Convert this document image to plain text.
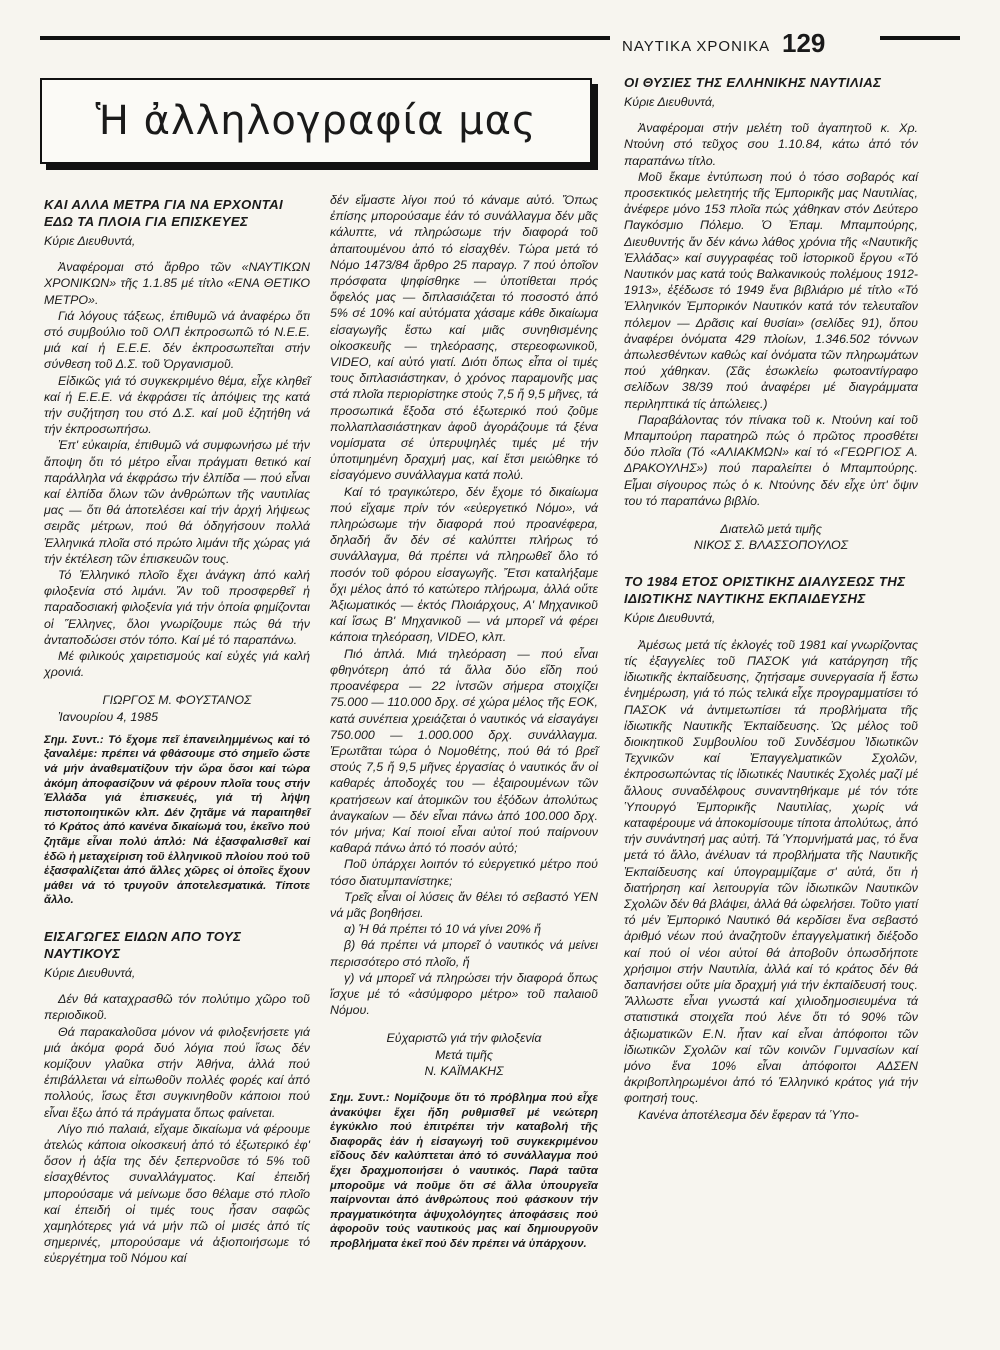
ΝΑΥΤΙΚΑ ΧΡΟΝΙΚΑ 129
Ἡ ἀλληλογραφία μας
ΚΑΙ ΑΛΛΑ ΜΕΤΡΑ ΓΙΑ ΝΑ ΕΡΧΟΝΤΑΙ ΕΔΩ ΤΑ ΠΛΟΙΑ ΓΙΑ ΕΠΙΣΚΕΥΕΣ
Κύριε Διευθυντά,

Ἀναφέρομαι στό ἄρθρο τῶν «ΝΑΥΤΙΚΩΝ ΧΡΟΝΙΚΩΝ» τῆς 1.1.85 μέ τίτλο «ΕΝΑ ΘΕΤΙΚΟ ΜΕΤΡΟ».

Γιά λόγους τάξεως, ἐπιθυμῶ νά ἀναφέρω ὅτι στό συμβούλιο τοῦ ΟΛΠ ἐκπροσωπῶ τό Ν.Ε.Ε. μιά καί ἡ Ε.Ε.Ε. δέν ἐκπροσωπεῖται στήν σύνθεση τοῦ Δ.Σ. τοῦ Ὀργανισμοῦ.

Εἰδικῶς γιά τό συγκεκριμένο θέμα, εἶχε κληθεῖ καί ἡ Ε.Ε.Ε. νά ἐκφράσει τίς ἀπόψεις της κατά τήν συζήτηση του στό Δ.Σ. καί μοῦ ἐζητήθη νά τήν ἐκπροσωπήσω.

Ἐπ' εὐκαιρία, ἐπιθυμῶ νά συμφωνήσω μέ τήν ἄποψη ὅτι τό μέτρο εἶναι πράγματι θετικό καί παράλληλα νά ἐκφράσω τήν ἐλπίδα — πού εἶναι καί ἐλπίδα ὅλων τῶν ἀνθρώπων τῆς ναυτιλίας μας — ὅτι θά ἀποτελέσει καί τήν ἀρχή λήψεως σειρᾶς μέτρων, πού θά ὁδηγήσουν πολλά Ἑλληνικά πλοῖα στό πρώτο λιμάνι τῆς χώρας γιά τήν ἐκτέλεση τῶν ἐπισκευῶν τους.

Τό Ἑλληνικό πλοῖο ἔχει ἀνάγκη ἀπό καλή φιλοξενία στό λιμάνι. Ἄν τοῦ προσφερθεῖ ἡ παραδοσιακή φιλοξενία γιά τήν ὁποία φημίζονται οἱ Ἕλληνες, ὅλοι γνωρίζουμε πώς θά τήν ἀνταποδώσει στόν τόπο. Καί μέ τό παραπάνω.

Μέ φιλικούς χαιρετισμούς καί εὐχές γιά καλή χρονιά.

ΓΙΩΡΓΟΣ Μ. ΦΟΥΣΤΑΝΟΣ

Ἰανουρίου 4, 1985

Σημ. Συντ.: Τό ἔχομε πεῖ ἐπανειλημμένως καί τό ξαναλέμε: πρέπει νά φθάσουμε στό σημεῖο ὥστε νά μήν ἀναθεματίζουν τήν ὥρα ὅσοι καί τώρα ἀκόμη ἀποφασίζουν νά φέρουν πλοῖα τους στήν Ἑλλάδα γιά ἐπισκευές, γιά τή λήψη πιστοποιητικῶν κλπ. Δέν ζητᾶμε νά παραιτηθεῖ τό Κράτος ἀπό κανένα δικαίωμά του, ἐκεῖνο πού ζητᾶμε εἶναι πολύ ἁπλό: Νά ἐξασφαλισθεῖ καί ἐδῶ ἡ μεταχείριση τοῦ ἑλληνικοῦ πλοίου πού τοῦ ἐξασφαλίζεται ἀπό ἄλλες χῶρες οἱ ὁποῖες ἔχουν μάθει νά τό τρυγοῦν ἀποτελεσματικά. Τίποτε ἄλλο.

ΕΙΣΑΓΩΓΕΣ ΕΙΔΩΝ ΑΠΟ ΤΟΥΣ ΝΑΥΤΙΚΟΥΣ
Κύριε Διευθυντά,

Δέν θά καταχρασθῶ τόν πολύτιμο χῶρο τοῦ περιοδικοῦ.

Θά παρακαλοῦσα μόνον νά φιλοξενήσετε γιά μιά ἀκόμα φορά δυό λόγια πού ἴσως δέν κομίζουν γλαῦκα στήν Ἀθήνα, ἀλλά πού ἐπιβάλλεται νά εἰπωθοῦν πολλές φορές καί ἀπό πολλούς, ἴσως ἔτσι συγκινηθοῦν κάποιοι πού εἶναι ἔξω ἀπό τά πράγματα ὅπως φαίνεται.

Λίγο πιό παλαιά, εἴχαμε δικαίωμα νά φέρουμε ἀτελώς κάποια οἰκοσκευή ἀπό τό ἐξωτερικό ἐφ' ὅσον ἡ ἀξία της δέν ξεπερνοῦσε τό 5% τοῦ εἰσαχθέντος συναλλάγματος. Καί ἐπειδή μπορούσαμε νά μείνωμε ὅσο θέλαμε στό πλοῖο καί ἐπειδή οἱ τιμές τους ἦσαν σαφῶς χαμηλότερες γιά νά μήν πῶ οἱ μισές ἀπό τίς σημερινές, μπορούσαμε νά ἀξιοποιήσωμε τό εὐεργέτημα τοῦ Νόμου καί

δέν εἴμαστε λίγοι πού τό κάναμε αὐτό. Ὅπως ἐπίσης μπορούσαμε ἐάν τό συνάλλαγμα δέν μᾶς κάλυπτε, νά πληρώσωμε τήν διαφορά τοῦ ἀπαιτουμένου ἀπό τό εἰσαχθέν. Τώρα μετά τό Νόμο 1473/84 ἄρθρο 25 παραγρ. 7 πού ὁποῖον πρόσφατα ψηφίσθηκε — ὑποτίθεται πρός ὄφελός μας — διπλασιάζεται τό ποσοστό ἀπό 5% σέ 10% καί αὐτόματα χάσαμε κάθε δικαίωμα εἰσαγωγῆς ἔστω καί μιᾶς συνηθισμένης οἰκοσκευῆς — τηλεόρασης, στερεοφωνικοῦ, VIDEO, καί αὐτό γιατί. Διότι ὅπως εἶπα οἱ τιμές τους διπλασιάστηκαν, ὁ χρόνος παραμονῆς μας στά πλοῖα περιορίστηκε στούς 7,5 ἤ 9,5 μῆνες, τά προσωπικά ἔξοδα στό ἐξωτερικό πού ζοῦμε πολλαπλασιάστηκαν ἀφοῦ ἀγοράζουμε τά ξένα νομίσματα σέ ὑπερυψηλές τιμές μέ τήν ὑποτιμημένη δραχμή μας, καί ἔτσι μειώθηκε τό εἰσαγόμενο συνάλλαγμα κατά πολύ.

Καί τό τραγικώτερο, δέν ἔχομε τό δικαίωμα πού εἴχαμε πρίν τόν «εὐεργετικό Νόμο», νά πληρώσωμε τήν διαφορά πού προανέφερα, δηλαδή ἄν δέν σέ καλύπτει πλήρως τό συνάλλαγμα, θά πρέπει νά πληρωθεῖ ὅλο τό ποσόν τοῦ φόρου εἰσαγωγῆς. Ἔτσι καταλήξαμε ὄχι μέλος ἀπό τό κατώτερο πλήρωμα, ἀλλά οὔτε Ἀξιωματικός — ἐκτός Πλοιάρχους, Α' Μηχανικοῦ καί ἴσως Β' Μηχανικοῦ — νά μπορεῖ νά φέρει κάποια τηλεόραση, VIDEO, κλπ.

Πιό ἁπλά. Μιά τηλεόραση — πού εἶναι φθηνότερη ἀπό τά ἄλλα δύο εἴδη πού προανέφερα — 22 ἰντσῶν σήμερα στοιχίζει 75.000 — 110.000 δρχ. σέ χώρα μέλος τῆς ΕΟΚ, κατά συνέπεια χρειάζεται ὁ ναυτικός νά εἰσαγάγει 750.000 — 1.000.000 δρχ. συνάλλαγμα. Ἐρωτᾶται τώρα ὁ Νομοθέτης, πού θά τό βρεῖ στούς 7,5 ἤ 9,5 μῆνες ἐργασίας ὁ ναυτικός ἄν οἱ καθαρές ἀποδοχές του — ἐξαιρουμένων τῶν κρατήσεων καί ἀτομικῶν του ἐξόδων ἀπολύτως ἀναγκαίων — δέν εἶναι πάνω ἀπό 100.000 δρχ. τόν μήνα; Καί ποιοί εἶναι αὐτοί πού παίρνουν καθαρά πάνω ἀπό τό ποσόν αὐτό;

Ποῦ ὑπάρχει λοιπόν τό εὐεργετικό μέτρο πού τόσο διατυμπανίστηκε;

Τρεῖς εἶναι οἱ λύσεις ἄν θέλει τό σεβαστό ΥΕΝ νά μᾶς βοηθήσει.

α) Ἡ θά πρέπει τό 10 νά γίνει 20% ἤ

β) θά πρέπει νά μπορεῖ ὁ ναυτικός νά μείνει περισσότερο στό πλοῖο, ἤ

γ) νά μπορεῖ νά πληρώσει τήν διαφορά ὅπως ἴσχυε μέ τό «ἀσύμφορο μέτρο» τοῦ παλαιοῦ Νόμου.

Εὐχαριστῶ γιά τήν φιλοξενία

Μετά τιμῆς

Ν. ΚΑΪΜΑΚΗΣ

Σημ. Συντ.: Νομίζουμε ὅτι τό πρόβλημα πού εἶχε ἀνακύψει ἔχει ἤδη ρυθμισθεῖ μέ νεώτερη ἐγκύκλιο πού ἐπιτρέπει τήν καταβολή τῆς διαφορᾶς ἐάν ἡ εἰσαγωγή τοῦ συγκεκριμένου εἴδους δέν καλύπτεται ἀπό τό συνάλλαγμα πού ἔχει δραχμοποιήσει ὁ ναυτικός. Παρά ταῦτα μποροῦμε νά ποῦμε ὅτι σέ ἄλλα ὑπουργεῖα παίρνονται ἀπό ἀνθρώπους πού φάσκουν τήν πραγματικότητα ἀψυχολόγητες ἀποφάσεις πού ἀφοροῦν τούς ναυτικούς μας καί δημιουργοῦν προβλήματα ἐκεῖ πού δέν πρέπει νά ὑπάρχουν.

ΟΙ ΘΥΣΙΕΣ ΤΗΣ ΕΛΛΗΝΙΚΗΣ ΝΑΥΤΙΛΙΑΣ
Κύριε Διευθυντά,

Ἀναφέρομαι στήν μελέτη τοῦ ἀγαπητοῦ κ. Χρ. Ντούνη στό τεῦχος σου 1.10.84, κάτω ἀπό τόν παραπάνω τίτλο.

Μοῦ ἔκαμε ἐντύπωση πού ὁ τόσο σοβαρός καί προσεκτικός μελετητής τῆς Ἐμπορικῆς μας Ναυτιλίας, ἀνέφερε μόνο 153 πλοῖα πώς χάθηκαν στόν Δεύτερο Παγκόσμιο Πόλεμο. Ὁ Ἐπαμ. Μπαμπούρης, Διευθυντής ἄν δέν κάνω λάθος χρόνια τῆς «Ναυτικῆς Ἑλλάδας» καί συγγραφέας τοῦ ἱστορικοῦ ἔργου «Τό Ναυτικόν μας κατά τούς Βαλκανικούς πολέμους 1912-1913», ἐξέδωσε τό 1949 ἕνα βιβλιάριο μέ τίτλο «Τό Ἑλληνικόν Ἐμπορικόν Ναυτικόν κατά τόν τελευταῖον πόλεμον — Δρᾶσις καί θυσίαι» (σελίδες 91), ὅπου ἀναφέρει ὀνόματα 429 πλοίων, 1.346.502 τόννων ἀπωλεσθέντων καθώς καί ὀνόματα τῶν πληρωμάτων πού χάθηκαν. (Σᾶς ἐσωκλείω φωτοαντίγραφο σελίδων 38/39 πού ἀναφέρει μέ διαγράμματα περιληπτικά τίς ἀπώλειες.)

Παραβάλοντας τόν πίνακα τοῦ κ. Ντούνη καί τοῦ Μπαμπούρη παρατηρῶ πώς ὁ πρῶτος προσθέτει δύο πλοῖα (Τό «ΑΛΙΑΚΜΩΝ» καί τό «ΓΕΩΡΓΙΟΣ Α. ΔΡΑΚΟΥΛΗΣ») πού παραλείπει ὁ Μπαμπούρης. Εἶμαι σίγουρος πώς ὁ κ. Ντούνης δέν εἶχε ὑπ' ὄψιν του τό παραπάνω βιβλίο.

Διατελῶ μετά τιμῆς

ΝΙΚΟΣ Σ. ΒΛΑΣΣΟΠΟΥΛΟΣ

ΤΟ 1984 ΕΤΟΣ ΟΡΙΣΤΙΚΗΣ ΔΙΑΛΥΣΕΩΣ ΤΗΣ ΙΔΙΩΤΙΚΗΣ ΝΑΥΤΙΚΗΣ ΕΚΠΑΙΔΕΥΣΗΣ
Κύριε Διευθυντά,

Ἀμέσως μετά τίς ἐκλογές τοῦ 1981 καί γνωρίζοντας τίς ἐξαγγελίες τοῦ ΠΑΣΟΚ γιά κατάργηση τῆς ἰδιωτικῆς ἐκπαίδευσης, ζητήσαμε συνεργασία ἤ ἔστω ἐνημέρωση, γιά τό πώς τελικά εἶχε προγραμματίσει τό ΠΑΣΟΚ νά ἀντιμετωπίσει τά προβλήματα τῆς ἰδιωτικῆς Ναυτικῆς Ἐκπαίδευσης. Ὡς μέλος τοῦ διοικητικοῦ Συμβουλίου τοῦ Συνδέσμου Ἰδιωτικῶν Τεχνικῶν καί Ἐπαγγελματικῶν Σχολῶν, ἐκπροσωπώντας τίς ἰδιωτικές Ναυτικές Σχολές μαζί μέ ἄλλους συναδέλφους συναντηθήκαμε μέ τόν τότε Ὑπουργό Ἐμπορικῆς Ναυτιλίας, χωρίς νά καταφέρουμε νά ἀποκομίσουμε τίποτα ἀπολύτως, ἀπό τήν συνάντησή μας αὐτή. Τά Ὑπομνήματά μας, τό ἕνα μετά τό ἄλλο, ἀνέλυαν τά προβλήματα τῆς Ναυτικῆς Ἐκπαίδευσης καί ὑπογραμμίζαμε σ' αὐτά, ὅτι ἡ διατήρηση καί λειτουργία τῶν ἰδιωτικῶν Ναυτικῶν Σχολῶν δέν θά βλάψει, ἀλλά θά ὠφελήσει. Τοῦτο γιατί τό μέν Ἐμπορικό Ναυτικό θά κερδίσει ἕνα σεβαστό ἀριθμό νέων πού ἀναζητοῦν ἐπαγγελματική διέξοδο καί πού οἱ νέοι αὐτοί θά ἀποβοῦν ὁπωσδήποτε χρήσιμοι στήν Ναυτιλία, ἀλλά καί τό κράτος δέν θά δαπανήσει οὔτε μία δραχμή γιά τήν ἐκπαίδευσή τους. Ἄλλωστε εἶναι γνωστά καί χιλιοδημοσιευμένα τά στατιστικά στοιχεῖα πού λένε ὅτι τό 90% τῶν ἀξιωματικῶν Ε.Ν. ἦταν καί εἶναι ἀπόφοιτοι τῶν ἰδιωτικῶν Σχολῶν καί τῶν κοινῶν Γυμνασίων καί μόνο ἕνα 10% εἶναι ἀπόφοιτοι ΑΔΣΕΝ ἀκριβοπληρωμένοι ἀπό τό Ἑλληνικό κράτος γιά τήν φοιτησή τους.

Κανένα ἀποτέλεσμα δέν ἔφεραν τά Ὑπο-
